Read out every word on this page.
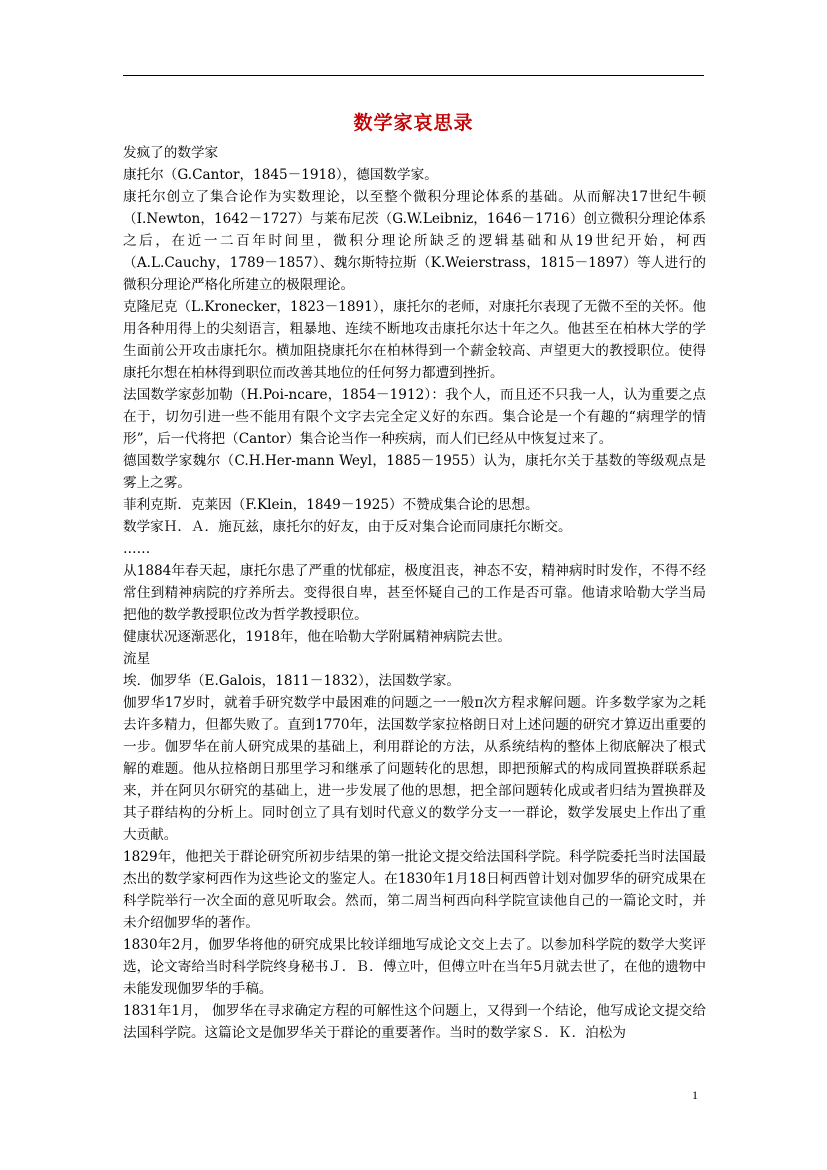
数学家哀思录

发疯了的数学家

康托尔（G.Cantor，1845－1918），德国数学家。

康托尔创立了集合论作为实数理论，以至整个微积分理论体系的基础。从而解决17世纪牛顿（I.Newton，1642－1727）与莱布尼茨（G.W.Leibniz，1646－1716）创立微积分理论体系之后，在近一二百年时间里，微积分理论所缺乏的逻辑基础和从19世纪开始，柯西（A.L.Cauchy，1789－1857）、魏尔斯特拉斯（K.Weierstrass，1815－1897）等人进行的微积分理论严格化所建立的极限理论。

克隆尼克（L.Kronecker，1823－1891），康托尔的老师，对康托尔表现了无微不至的关怀。他用各种用得上的尖刻语言，粗暴地、连续不断地攻击康托尔达十年之久。他甚至在柏林大学的学生面前公开攻击康托尔。横加阻挠康托尔在柏林得到一个薪金较高、声望更大的教授职位。使得康托尔想在柏林得到职位而改善其地位的任何努力都遭到挫折。

法国数学家彭加勒（H.Poi-ncare，1854－1912）：我个人，而且还不只我一人，认为重要之点在于，切勿引进一些不能用有限个文字去完全定义好的东西。集合论是一个有趣的“病理学的情形”，后一代将把（Cantor）集合论当作一种疾病，而人们已经从中恢复过来了。

德国数学家魏尔（C.H.Her-mann Weyl，1885－1955）认为，康托尔关于基数的等级观点是雾上之雾。

菲利克斯．克莱因（F.Klein，1849－1925）不赞成集合论的思想。

数学家Ｈ．Ａ．施瓦兹，康托尔的好友，由于反对集合论而同康托尔断交。

……

从1884年春天起，康托尔患了严重的忧郁症，极度沮丧，神态不安，精神病时时发作，不得不经常住到精神病院的疗养所去。变得很自卑，甚至怀疑自己的工作是否可靠。他请求哈勒大学当局把他的数学教授职位改为哲学教授职位。

健康状况逐渐恶化，1918年，他在哈勒大学附属精神病院去世。

流星

埃．伽罗华（E.Galois，1811－1832），法国数学家。

伽罗华17岁时，就着手研究数学中最困难的问题之一一般π次方程求解问题。许多数学家为之耗去许多精力，但都失败了。直到1770年，法国数学家拉格朗日对上述问题的研究才算迈出重要的一步。伽罗华在前人研究成果的基础上，利用群论的方法，从系统结构的整体上彻底解决了根式解的难题。他从拉格朗日那里学习和继承了问题转化的思想，即把预解式的构成同置换群联系起来，并在阿贝尔研究的基础上，进一步发展了他的思想，把全部问题转化成或者归结为置换群及其子群结构的分析上。同时创立了具有划时代意义的数学分支一一群论，数学发展史上作出了重大贡献。

1829年，他把关于群论研究所初步结果的第一批论文提交给法国科学院。科学院委托当时法国最杰出的数学家柯西作为这些论文的鉴定人。在1830年1月18日柯西曾计划对伽罗华的研究成果在科学院举行一次全面的意见听取会。然而，第二周当柯西向科学院宣读他自己的一篇论文时，并未介绍伽罗华的著作。

1830年2月，伽罗华将他的研究成果比较详细地写成论文交上去了。以参加科学院的数学大奖评选，论文寄给当时科学院终身秘书Ｊ．Ｂ．傅立叶，但傅立叶在当年5月就去世了，在他的遗物中未能发现伽罗华的手稿。

1831年1月， 伽罗华在寻求确定方程的可解性这个问题上，又得到一个结论，他写成论文提交给法国科学院。这篇论文是伽罗华关于群论的重要著作。当时的数学家Ｓ．Ｋ．泊松为

1
